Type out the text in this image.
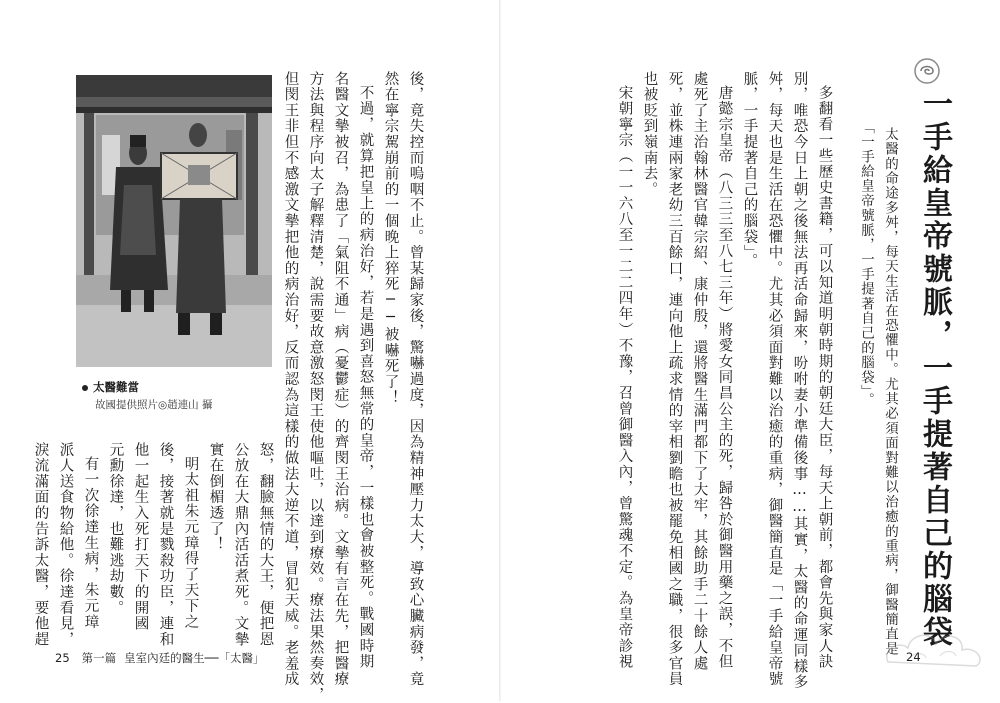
太醫難當
故國提供照片◎趙連山 攝	後，竟失控而嗚咽不止。曾某歸家後，驚嚇過度，因為精神壓力太大，導致心臟病發，竟
然在寧宗駕崩前的一個晚上猝死──被嚇死了！
不過，就算把皇上的病治好，若是遇到喜怒無常的皇帝，一樣也會被整死。戰國時期
名醫文摰被召，為患了「氣阻不通」病（憂鬱症）的齊閔王治病。文摰有言在先，把醫療
方法與程序向太子解釋清楚，說需要故意激怒閔王使他嘔吐，以達到療效。療法果然奏效，
但閔王非但不感激文摰把他的病治好，反而認為這樣的做法大逆不道，冒犯天威。老羞成
怒，翻臉無情的大王，便把恩
公放在大鼎內活活煮死。文摰
實在倒楣透了！
明太祖朱元璋得了天下之
後，接著就是戮殺功臣，連和
他一起生入死打天下的開國
元勳徐達，也難逃劫數。
有一次徐達生病，朱元璋
派人送食物給他。徐達看見，
淚流滿面的告訴太醫，要他趕
25 第一篇 皇室內廷的醫生──「太醫」
一手給皇帝號脈，一手提著自己的腦袋
太醫的命途多舛，每天生活在恐懼中。尤其必須面對難以治癒的重病，御醫簡直是
「一手給皇帝號脈，一手提著自己的腦袋」。
多翻看一些歷史書籍，可以知道明朝時期的朝廷大臣，每天上朝前，都會先與家人訣
別，唯恐今日上朝之後無法再活命歸來，吩咐妻小準備後事……其實，太醫的命運同樣多
舛，每天也是生活在恐懼中。尤其必須面對難以治癒的重病，御醫簡直是「一手給皇帝號
脈，一手提著自己的腦袋」。
唐懿宗皇帝（八三三至八七三年）將愛女同昌公主的死，歸咎於御醫用藥之誤，不但
處死了主治翰林醫官韓宗紹、康仲殷，還將醫生滿門都下了大牢，其餘助手二十餘人處
死，並株連兩家老幼三百餘口，連向他上疏求情的宰相劉瞻也被罷免相國之職，很多官員
也被貶到嶺南去。
宋朝寧宗（一一六八至一二二四年）不豫，召曾御醫入內，曾驚魂不定。為皇帝診視	24
